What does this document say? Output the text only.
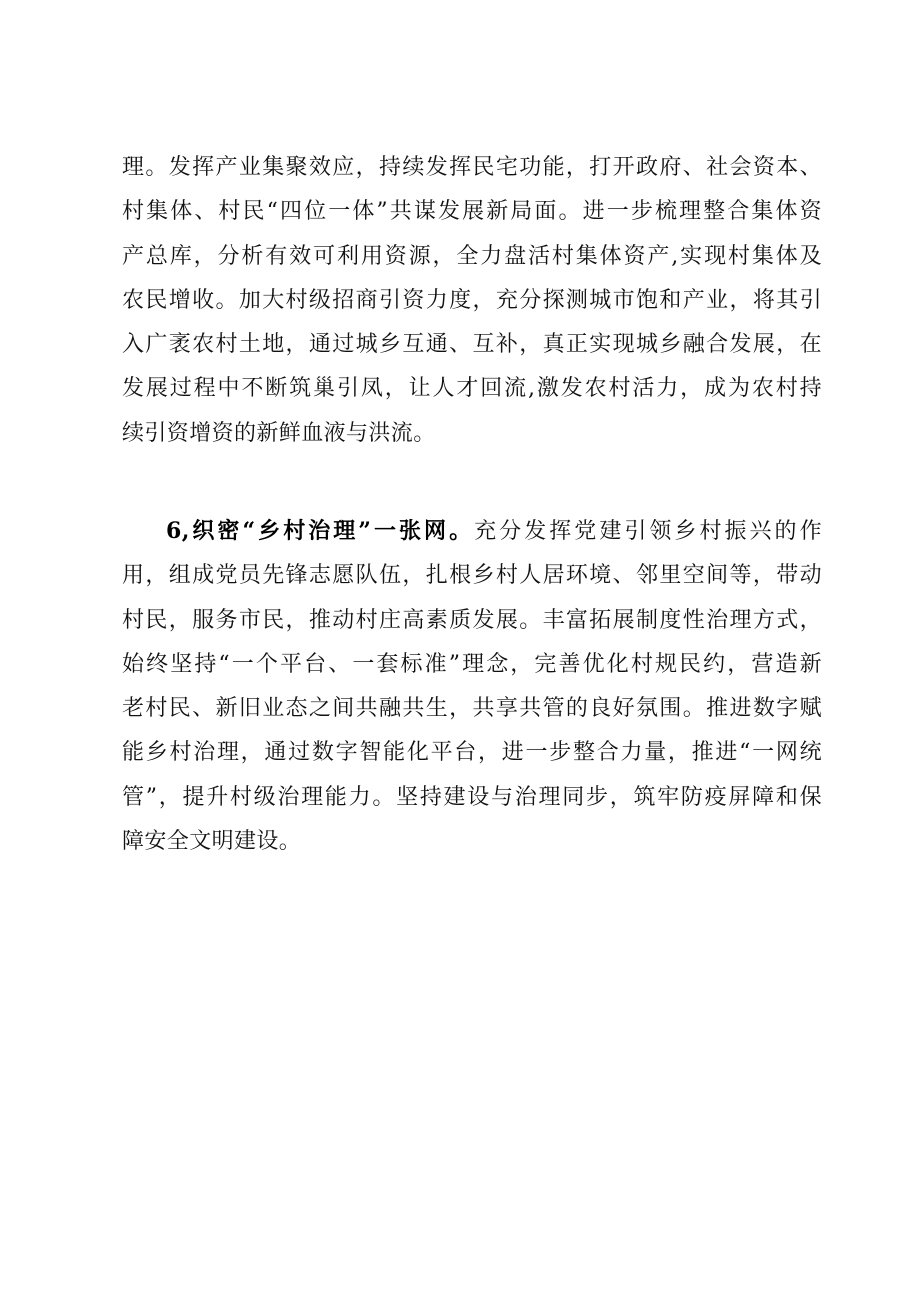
理。发挥产业集聚效应，持续发挥民宅功能，打开政府、社会资本、
村集体、村民“四位一体”共谋发展新局面。进一步梳理整合集体资
产总库，分析有效可利用资源，全力盘活村集体资产,实现村集体及
农民增收。加大村级招商引资力度，充分探测城市饱和产业，将其引
入广袤农村土地，通过城乡互通、互补，真正实现城乡融合发展，在
发展过程中不断筑巢引凤，让人才回流,激发农村活力，成为农村持
续引资增资的新鲜血液与洪流。
6,织密“乡村治理”一张网。充分发挥党建引领乡村振兴的作
用，组成党员先锋志愿队伍，扎根乡村人居环境、邻里空间等，带动
村民，服务市民，推动村庄高素质发展。丰富拓展制度性治理方式，
始终坚持“一个平台、一套标准”理念，完善优化村规民约，营造新
老村民、新旧业态之间共融共生，共享共管的良好氛围。推进数字赋
能乡村治理，通过数字智能化平台，进一步整合力量，推进“一网统
管”，提升村级治理能力。坚持建设与治理同步，筑牢防疫屏障和保
障安全文明建设。
